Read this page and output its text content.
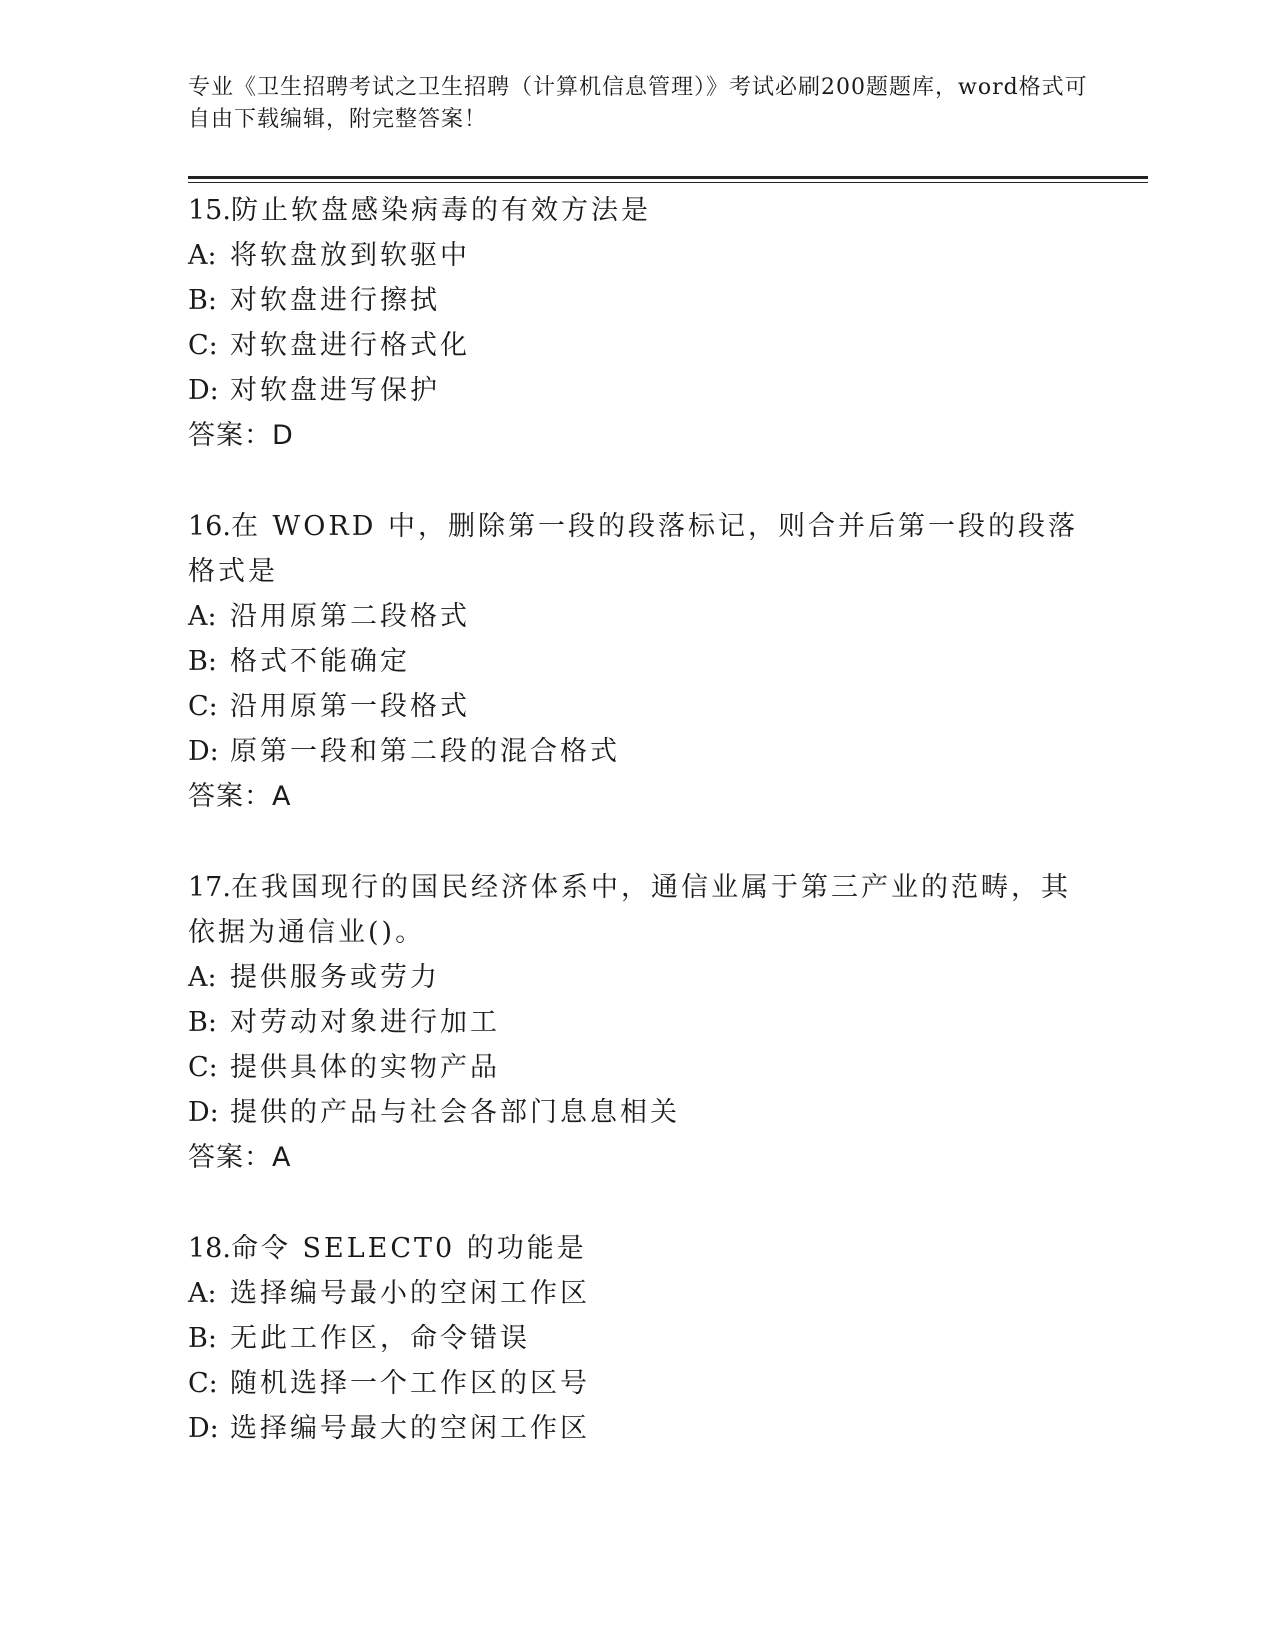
专业《卫生招聘考试之卫生招聘（计算机信息管理）》考试必刷200题题库，word格式可自由下载编辑，附完整答案！

15.防止软盘感染病毒的有效方法是

A: 将软盘放到软驱中
B: 对软盘进行擦拭
C: 对软盘进行格式化
D: 对软盘进写保护
答案：D

16.在 WORD 中，删除第一段的段落标记，则合并后第一段的段落格式是

A: 沿用原第二段格式
B: 格式不能确定
C: 沿用原第一段格式
D: 原第一段和第二段的混合格式
答案：A

17.在我国现行的国民经济体系中，通信业属于第三产业的范畴，其依据为通信业()。

A: 提供服务或劳力
B: 对劳动对象进行加工
C: 提供具体的实物产品
D: 提供的产品与社会各部门息息相关
答案：A

18.命令 SELECT0 的功能是

A: 选择编号最小的空闲工作区
B: 无此工作区，命令错误
C: 随机选择一个工作区的区号
D: 选择编号最大的空闲工作区
